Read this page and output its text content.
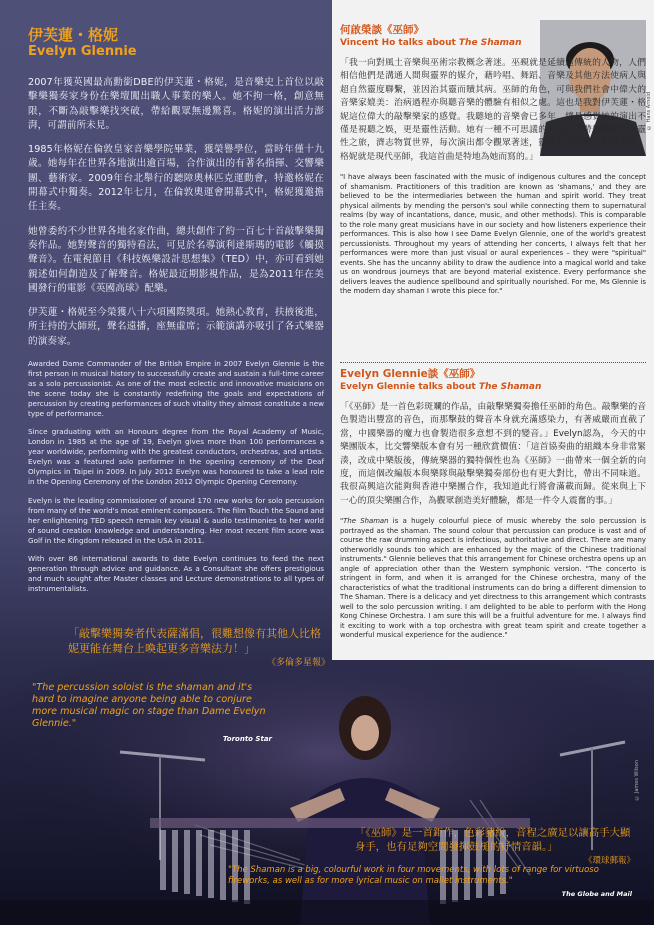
© James Wilson
伊芙蓮・格妮
Evelyn Glennie

2007年獲英國最高勳銜DBE的伊芙蓮・格妮，是音樂史上首位以敲擊樂獨奏家身份在樂壇闖出職人事業的樂人。她不拘一格，創意無限，不斷為敲擊樂找突破，帶給觀眾無邊驚喜。格妮的演出活力澎湃，可謂前所未見。

1985年格妮在倫敦皇家音樂學院畢業，獲榮譽學位，當時年僅十九歲。她每年在世界各地演出逾百場，合作演出的有著名指揮、交響樂團、藝術家。2009年台北舉行的聽障奧林匹克運動會，特邀格妮在開幕式中獨奏。2012年七月，在倫敦奧運會開幕式中，格妮獲邀擔任主奏。

她曾委約不少世界各地名家作曲，總共創作了約一百七十首敲擊樂獨奏作品。她對聲音的獨特看法，可見於名導演利達斯瑪的電影《觸摸聲音》。在電視節目《科技娛樂設計思想集》（TED）中，亦可看到她親述如何創造及了解聲音。格妮最近期影視作品，是為2011年在美國發行的電影《英國高球》配樂。

伊芙蓮・格妮至今榮獲八十六項國際獎項。她熱心教育，扶掖後進，所主持的大師班，聲名遠播，座無虛席；示範演講亦吸引了各式樂器的演奏家。

Awarded Dame Commander of the British Empire in 2007 Evelyn Glennie is the first person in musical history to successfully create and sustain a full-time career as a solo percussionist. As one of the most eclectic and innovative musicians on the scene today she is constantly redefining the goals and expectations of percussion by creating performances of such vitality they almost constitute a new type of performance.

Since graduating with an Honours degree from the Royal Academy of Music, London in 1985 at the age of 19, Evelyn gives more than 100 performances a year worldwide, performing with the greatest conductors, orchestras, and artists. Evelyn was a featured solo performer in the opening ceremony of the Deaf Olympics in Taipei in 2009. In July 2012 Evelyn was honoured to take a lead role in the Opening Ceremony of the London 2012 Olympic Opening Ceremony.

Evelyn is the leading commissioner of around 170 new works for solo percussion from many of the world's most eminent composers. The film Touch the Sound and her enlightening TED speech remain key visual & audio testimonies to her world of sound creation knowledge and understanding. Her most recent film score was Golf in the Kingdom released in the USA in 2011.

With over 86 international awards to date Evelyn continues to feed the next generation through advice and guidance. As a Consultant she offers prestigious and much sought after Master classes and Lecture demonstrations to all types of instrumentalists.

「敲擊樂獨奏者代表薩滿倡，很難想像有其他人比格妮更能在舞台上喚起更多音樂法力！」
《多倫多星報》
"The percussion soloist is the shaman and it's hard to imagine anyone being able to conjure more musical magic on stage than Dame Evelyn Glennie."
Toronto Star
© Hans Arnold
何啟榮談《巫師》
Vincent Ho talks about The Shaman

「我一向對風土音樂與巫術宗教概念著迷。巫覡就是延續這傳統的人物，人們相信他們是溝通人間與靈界的媒介，藉吟唱、舞蹈、音樂及其他方法使病人與超自然靈度聯繫，並因治其靈而贖其病。巫師的角色，可與我們社會中偉大的音樂家媲美：治病過程亦與聽音樂的體驗有相似之處。這也是我對伊芙蓮・格妮這位偉大的敲擊樂家的感覺。我聽她的音樂會已多年，總是感覺她的演出不僅是視聽之娛，更是靈性活動。她有一種不可思議的力量，能帶領觀眾進入靈性之旅，濟志物質世界，每次演出都令觀眾著迷，靈性有所滋養。對我來說，格妮就是現代巫師，我這首曲是特地為她而寫的。」

"I have always been fascinated with the music of indigenous cultures and the concept of shamanism. Practitioners of this tradition are known as 'shamans,' and they are believed to be the intermediaries between the human and spirit world. They treat physical ailments by mending the person's soul while connecting them to supernatural realms (by way of incantations, dance, music, and other methods). This is comparable to the role many great musicians have in our society and how listeners experience their performances. This is also how I see Dame Evelyn Glennie, one of the world's greatest percussionists. Throughout my years of attending her concerts, I always felt that her performances were more than just visual or aural experiences – they were "spiritual" events. She has the uncanny ability to draw the audience into a magical world and take us on wondrous journeys that are beyond material existence. Every performance she delivers leaves the audience spellbound and spiritually nourished. For me, Ms Glennie is the modern day shaman I wrote this piece for."

Evelyn Glennie談《巫師》
Evelyn Glennie talks about The Shaman

「《巫師》是一首色彩斑斕的作品，由敲擊樂獨奏擔任巫師的角色。敲擊樂的音色製造出豐富的音色，而那擊鼓的聲音本身就充滿感染力，有著威嚴而直截了當，中國樂器的魔力也會製造很多意想不到的變音。」Evelyn認為，今天的中樂團版本，比交響樂版本會有另一種欣賞價值：「這首協奏曲的組織本身非常緊湊，改成中樂版後，傳統樂器的獨特個性也為《巫師》一曲帶來一個全新的向度，而這個改編版本與樂隊與敲擊樂獨奏部份也有更大對比，帶出不同味道。我很高興這次能夠與香港中樂團合作，我知道此行將會滿載而歸。從來與上下一心的頂尖樂團合作，為觀眾創造美好體驗，都是一件令人震奮的事。」

"The Shaman is a hugely colourful piece of music whereby the solo percussion is portrayed as the shaman. The sound colour that percussion can produce is vast and of course the raw drumming aspect is infectious, authoritative and direct. There are many otherworldly sounds too which are enhanced by the magic of the Chinese traditional instruments." Glennie believes that this arrangement for Chinese orchestra opens up an angle of appreciation other than the Western symphonic version. "The concerto is stringent in form, and when it is arranged for the Chinese orchestra, many of the characteristics of what the traditional instruments can do bring a different dimension to The Shaman. There is a delicacy and yet directness to this arrangement which contrasts well to the solo percussion writing. I am delighted to be able to perform with the Hong Kong Chinese Orchestra. I am sure this will be a fruitful adventure for me. I always find it exciting to work with a top orchestra with great team spirit and create together a wonderful musical experience for the audience."

「《巫師》是一首鉅作，色彩豬紛，音程之廣足以讓高手大顯身手，也有足夠空間發揮鼓槌的抒情音韻。」
《環球郵報》
"The Shaman is a big, colourful work in four movements, with lots of range for virtuoso fireworks, as well as for more lyrical music on mallet instruments."
The Globe and Mail
